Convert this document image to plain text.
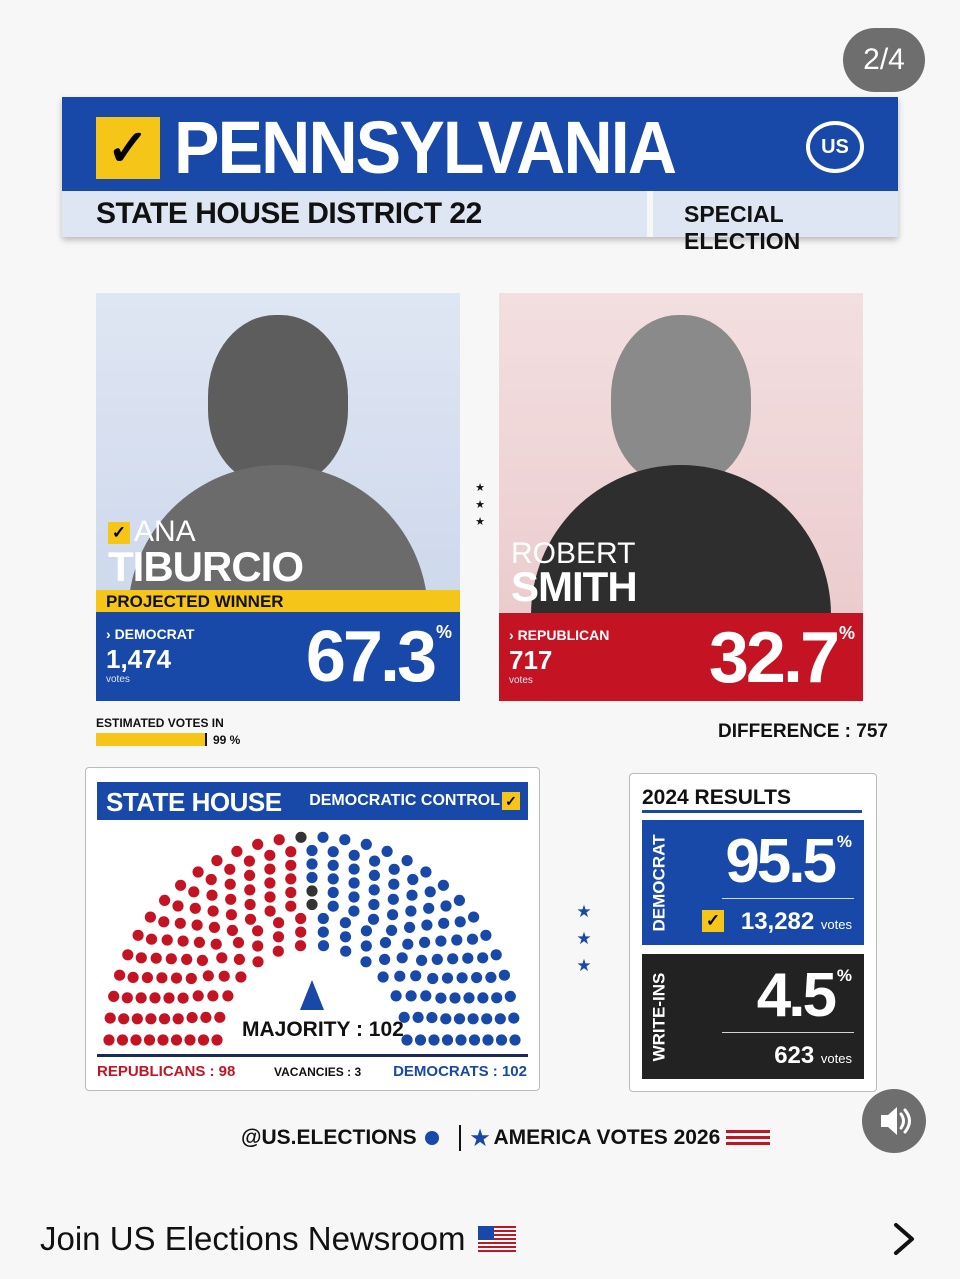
2/4
✓ PENNSYLVANIA	US
STATE HOUSE DISTRICT 22	SPECIAL ELECTION
✓ ANA
TIBURCIO
PROJECTED WINNER
› DEMOCRAT
1,474
votes 67.3 %
★
★
★
ROBERT
SMITH
› REPUBLICAN
717
votes 32.7 %
ESTIMATED VOTES IN
99 %	DIFFERENCE : 757
STATE HOUSE DEMOCRATIC CONTROL ✓
MAJORITY : 102
REPUBLICANS : 98	VACANCIES : 3 DEMOCRATS : 102
★
★
★
2024 RESULTS
DEMOCRAT 95.5 %
✓ 13,282 votes
WRITE-INS 4.5 %
623 votes
@US.ELECTIONS	★ AMERICA VOTES 2026
Join US Elections Newsroom
